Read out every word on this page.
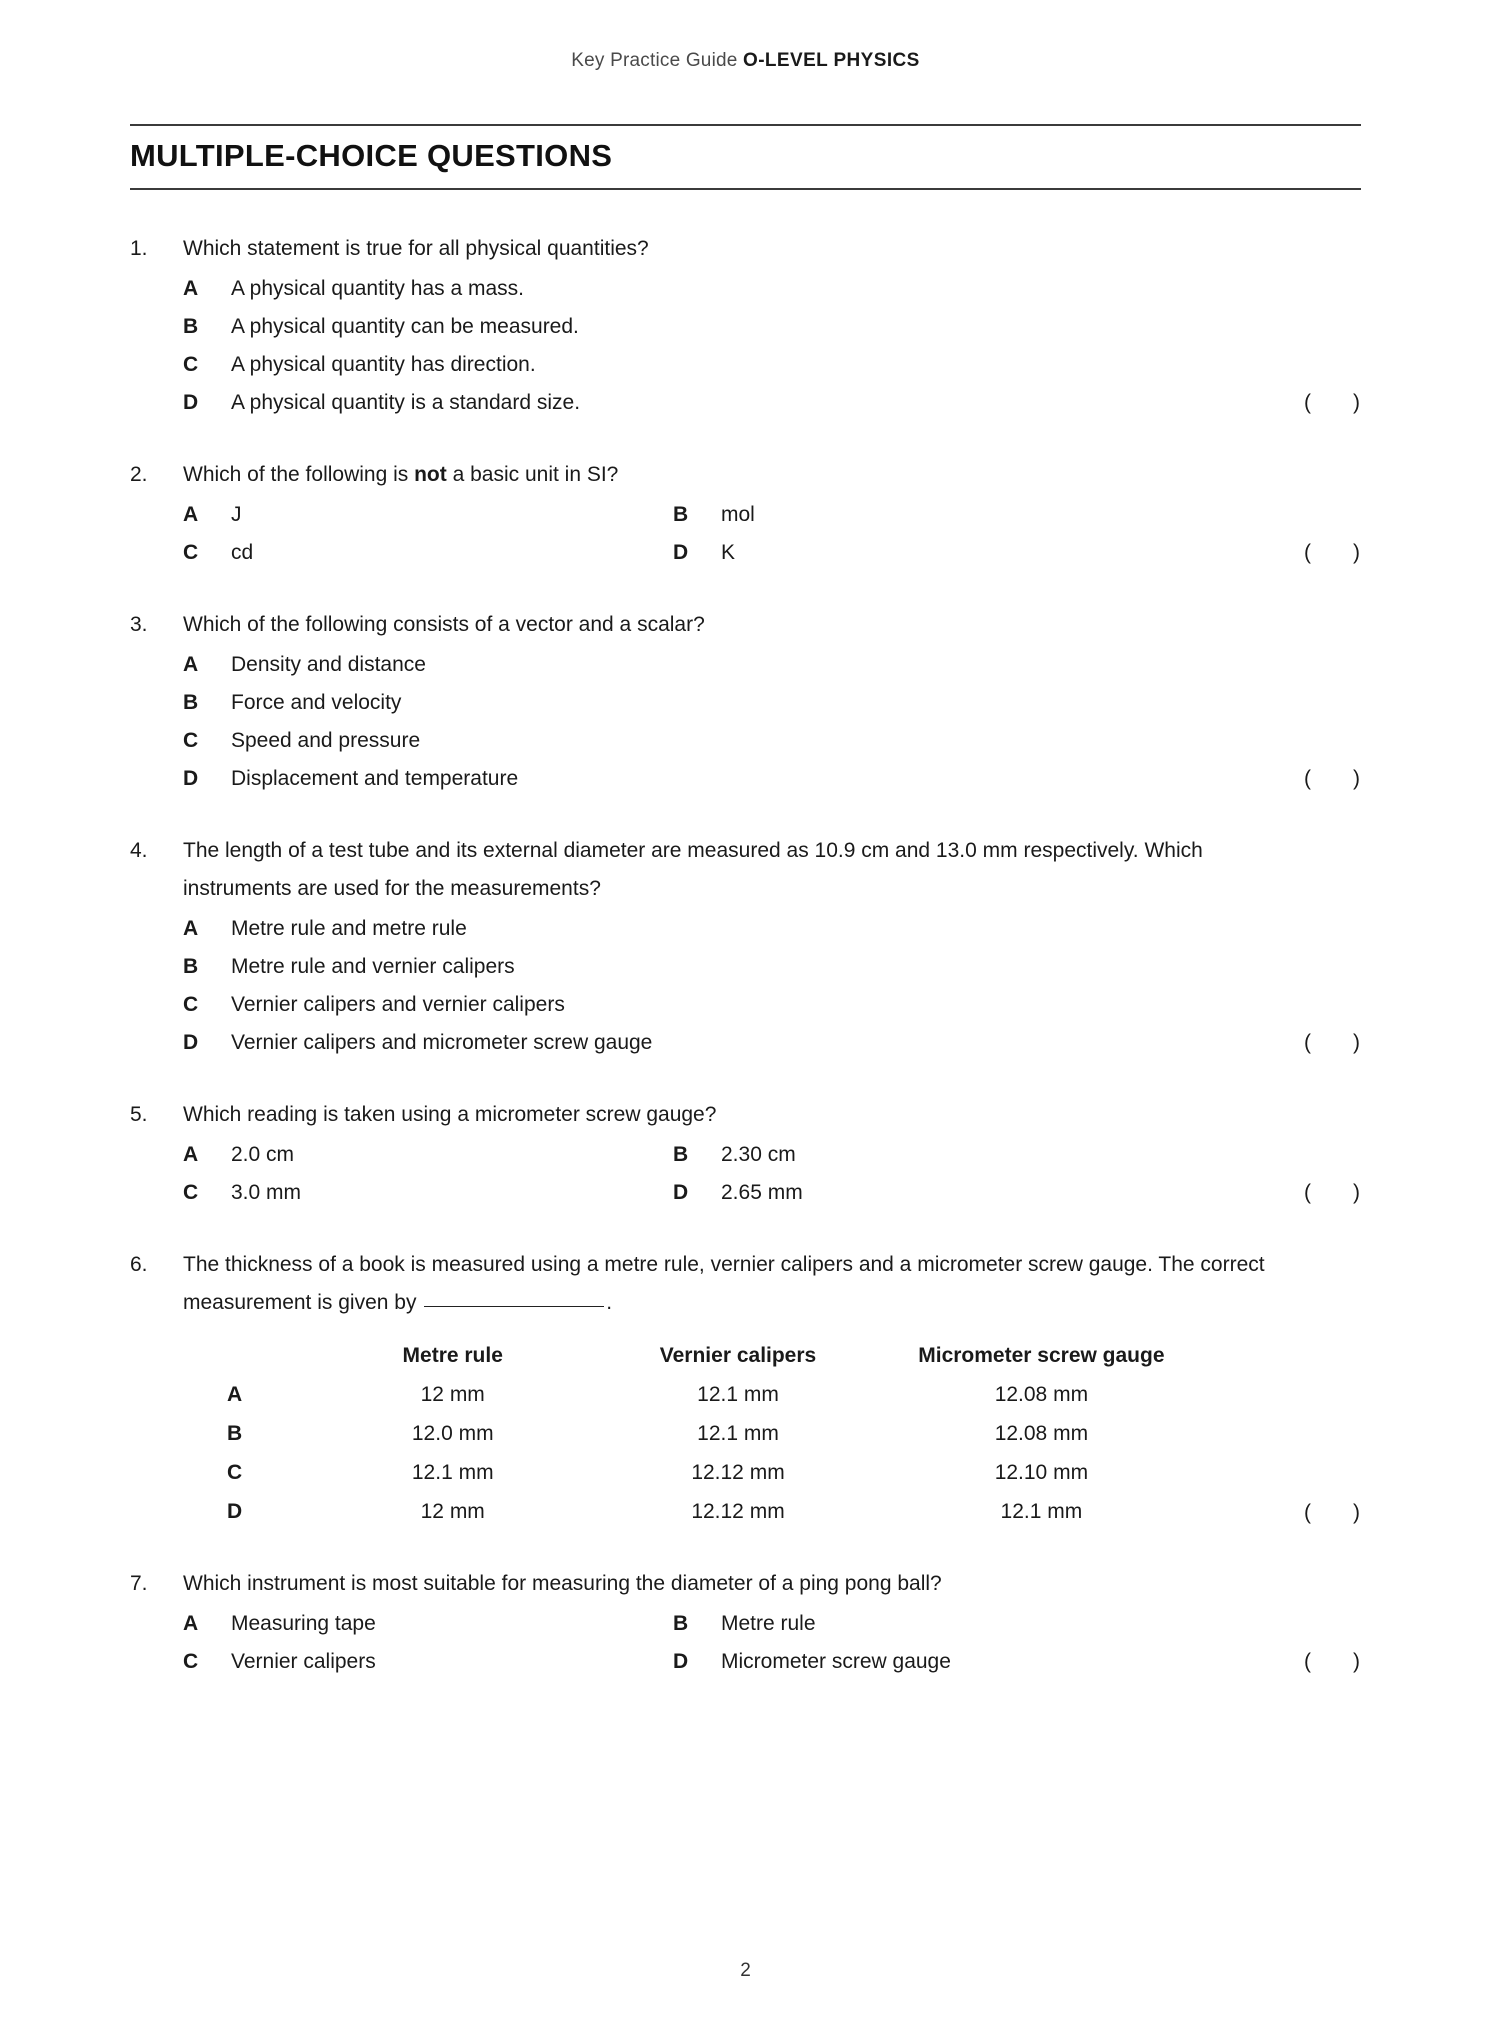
Key Practice Guide O-LEVEL PHYSICS
MULTIPLE-CHOICE QUESTIONS
1.	Which statement is true for all physical quantities?
A	A physical quantity has a mass.
B	A physical quantity can be measured.
C	A physical quantity has direction.
D	A physical quantity is a standard size.	(      )
2.	Which of the following is not a basic unit in SI?
A	J	B	mol
C	cd	D	K	(      )
3.	Which of the following consists of a vector and a scalar?
A	Density and distance
B	Force and velocity
C	Speed and pressure
D	Displacement and temperature	(      )
4.	The length of a test tube and its external diameter are measured as 10.9 cm and 13.0 mm respectively. Which instruments are used for the measurements?
A	Metre rule and metre rule
B	Metre rule and vernier calipers
C	Vernier calipers and vernier calipers
D	Vernier calipers and micrometer screw gauge	(      )
5.	Which reading is taken using a micrometer screw gauge?
A	2.0 cm	B	2.30 cm
C	3.0 mm	D	2.65 mm	(      )
6.	The thickness of a book is measured using a metre rule, vernier calipers and a micrometer screw gauge. The correct measurement is given by	.
	Metre rule	Vernier calipers	Micrometer screw gauge
A	12 mm	12.1 mm	12.08 mm
B	12.0 mm	12.1 mm	12.08 mm
C	12.1 mm	12.12 mm	12.10 mm
D	12 mm	12.12 mm	12.1 mm	(      )
7.	Which instrument is most suitable for measuring the diameter of a ping pong ball?
A	Measuring tape	B	Metre rule
C	Vernier calipers	D	Micrometer screw gauge	(      )
2
